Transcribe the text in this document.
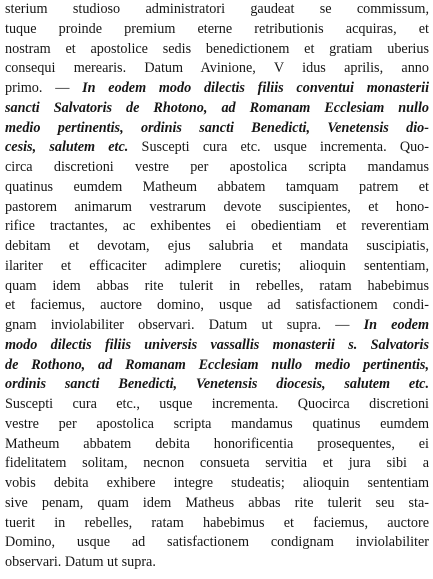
sterium studioso administratori gaudeat se commissum,
tuque proinde premium eterne retributionis acquiras, et
nostram et apostolice sedis benedictionem et gratiam uberius
consequi merearis. Datum Avinione, V idus aprilis, anno
primo. — In eodem modo dilectis filiis conventui monasterii
sancti Salvatoris de Rhotono, ad Romanam Ecclesiam nullo
medio pertinentis, ordinis sancti Benedicti, Venetensis dio-
cesis, salutem etc. Suscepti cura etc. usque incrementa. Quo-
circa discretioni vestre per apostolica scripta mandamus
quatinus eumdem Matheum abbatem tamquam patrem et
pastorem animarum vestrarum devote suscipientes, et hono-
rifice tractantes, ac exhibentes ei obedientiam et reverentiam
debitam et devotam, ejus salubria et mandata suscipiatis,
ilariter et efficaciter adimplere curetis; alioquin sententiam,
quam idem abbas rite tulerit in rebelles, ratam habebimus
et faciemus, auctore domino, usque ad satisfactionem condi-
gnam inviolabiliter observari. Datum ut supra. — In eodem
modo dilectis filiis universis vassallis monasterii s. Salvatoris
de Rothono, ad Romanam Ecclesiam nullo medio pertinentis,
ordinis sancti Benedicti, Venetensis diocesis, salutem etc.
Suscepti cura etc., usque incrementa. Quocirca discretioni
vestre per apostolica scripta mandamus quatinus eumdem
Matheum abbatem debita honorificentia prosequentes, ei
fidelitatem solitam, necnon consueta servitia et jura sibi a
vobis debita exhibere integre studeatis; alioquin sententiam
sive penam, quam idem Matheus abbas rite tulerit seu sta-
tuerit in rebelles, ratam habebimus et faciemus, auctore
Domino, usque ad satisfactionem condignam inviolabiliter
observari. Datum ut supra.
